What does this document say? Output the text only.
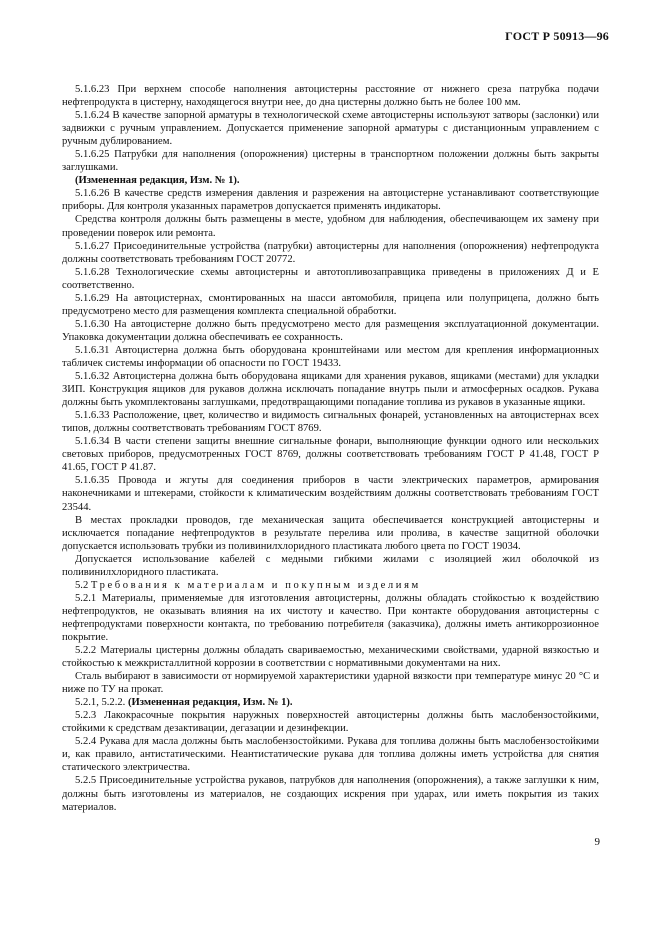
ГОСТ Р 50913—96

5.1.6.23 При верхнем способе наполнения автоцистерны расстояние от нижнего среза патрубка подачи нефтепродукта в цистерну, находящегося внутри нее, до дна цистерны должно быть не более 100 мм.

5.1.6.24 В качестве запорной арматуры в технологической схеме автоцистерны используют затворы (заслонки) или задвижки с ручным управлением. Допускается применение запорной арматуры с дистанционным управлением с ручным дублированием.

5.1.6.25 Патрубки для наполнения (опорожнения) цистерны в транспортном положении должны быть закрыты заглушками.

(Измененная редакция, Изм. № 1).

5.1.6.26 В качестве средств измерения давления и разрежения на автоцистерне устанавливают соответствующие приборы. Для контроля указанных параметров допускается применять индикаторы.

Средства контроля должны быть размещены в месте, удобном для наблюдения, обеспечивающем их замену при проведении поверок или ремонта.

5.1.6.27 Присоединительные устройства (патрубки) автоцистерны для наполнения (опорожнения) нефтепродукта должны соответствовать требованиям ГОСТ 20772.

5.1.6.28 Технологические схемы автоцистерны и автотопливозаправщика приведены в приложениях Д и Е соответственно.

5.1.6.29 На автоцистернах, смонтированных на шасси автомобиля, прицепа или полуприцепа, должно быть предусмотрено место для размещения комплекта специальной обработки.

5.1.6.30 На автоцистерне должно быть предусмотрено место для размещения эксплуатационной документации. Упаковка документации должна обеспечивать ее сохранность.

5.1.6.31 Автоцистерна должна быть оборудована кронштейнами или местом для крепления информационных табличек системы информации об опасности по ГОСТ 19433.

5.1.6.32 Автоцистерна должна быть оборудована ящиками для хранения рукавов, ящиками (местами) для укладки ЗИП. Конструкция ящиков для рукавов должна исключать попадание внутрь пыли и атмосферных осадков. Рукава должны быть укомплектованы заглушками, предотвращающими попадание топлива из рукавов в указанные ящики.

5.1.6.33 Расположение, цвет, количество и видимость сигнальных фонарей, установленных на автоцистернах всех типов, должны соответствовать требованиям ГОСТ 8769.

5.1.6.34 В части степени защиты внешние сигнальные фонари, выполняющие функции одного или нескольких световых приборов, предусмотренных ГОСТ 8769, должны соответствовать требованиям ГОСТ Р 41.48, ГОСТ Р 41.65, ГОСТ Р 41.87.

5.1.6.35 Провода и жгуты для соединения приборов в части электрических параметров, армирования наконечниками и штекерами, стойкости к климатическим воздействиям должны соответствовать требованиям ГОСТ 23544.

В местах прокладки проводов, где механическая защита обеспечивается конструкцией автоцистерны и исключается попадание нефтепродуктов в результате перелива или пролива, в качестве защитной оболочки допускается использовать трубки из поливинилхлоридного пластиката любого цвета по ГОСТ 19034.

Допускается использование кабелей с медными гибкими жилами с изоляцией жил оболочкой из поливинилхлоридного пластиката.

5.2 Требования к материалам и покупным изделиям

5.2.1 Материалы, применяемые для изготовления автоцистерны, должны обладать стойкостью к воздействию нефтепродуктов, не оказывать влияния на их чистоту и качество. При контакте оборудования автоцистерны с нефтепродуктами поверхности контакта, по требованию потребителя (заказчика), должны иметь антикоррозионное покрытие.

5.2.2 Материалы цистерны должны обладать свариваемостью, механическими свойствами, ударной вязкостью и стойкостью к межкристаллитной коррозии в соответствии с нормативными документами на них.

Сталь выбирают в зависимости от нормируемой характеристики ударной вязкости при температуре минус 20 °С и ниже по ТУ на прокат.

5.2.1, 5.2.2. (Измененная редакция, Изм. № 1).

5.2.3 Лакокрасочные покрытия наружных поверхностей автоцистерны должны быть маслобензостойкими, стойкими к средствам дезактивации, дегазации и дезинфекции.

5.2.4 Рукава для масла должны быть маслобензостойкими. Рукава для топлива должны быть маслобензостойкими и, как правило, антистатическими. Неантистатические рукава для топлива должны иметь устройства для снятия статического электричества.

5.2.5 Присоединительные устройства рукавов, патрубков для наполнения (опорожнения), а также заглушки к ним, должны быть изготовлены из материалов, не создающих искрения при ударах, или иметь покрытия из таких материалов.

9
